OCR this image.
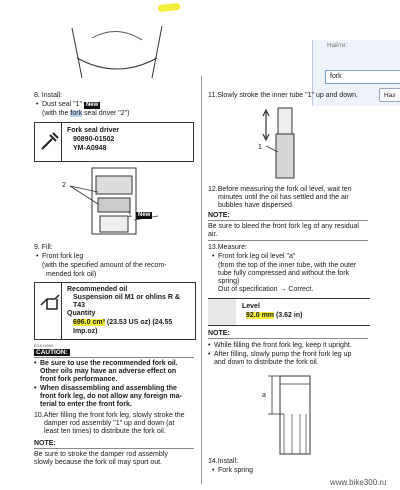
Найти:
fork
Наз
8. Install:
• Dust seal "1" New
(with the fork seal driver "2")
Fork seal driver
90890-01502
YM-A0948
2
1	New
9. Fill:
• Front fork leg
(with the specified amount of the recom-
mended fork oil)
Recommended oil
Suspension oil M1 or ohlins R &
T43
Quantity
696.0 cm³ (23.53 US oz) (24.55
Imp.oz)
ECA14090
CAUTION:
• Be sure to use the recommended fork oil.
Other oils may have an adverse effect on
front fork performance.
• When disassembling and assembling the
front fork leg, do not allow any foreign ma-
terial to enter the front fork.
10.After filling the front fork leg, slowly stroke the
damper rod assembly "1" up and down (at
least ten times) to distribute the fork oil.
NOTE:
Be sure to stroke the damper rod assembly
slowly because the fork oil may spurt out.
11.Slowly stroke the inner tube "1" up and down.
1
12.Before measuring the fork oil level, wait ten
minutes until the oil has settled and the air
bubbles have dispersed.
NOTE:
Be sure to bleed the front fork leg of any residual
air.
13.Measure:
• Front fork leg oil level "a"
(from the top of the inner tube, with the outer
tube fully compressed and without the fork
spring)
Out of specification → Correct.
Level
92.0 mm (3.62 in)
NOTE:
• While filling the front fork leg, keep it upright.
• After filling, slowly pump the front fork leg up
and down to distribute the fork oil.
a
14.Install:
• Fork spring
www.bike300.ru
